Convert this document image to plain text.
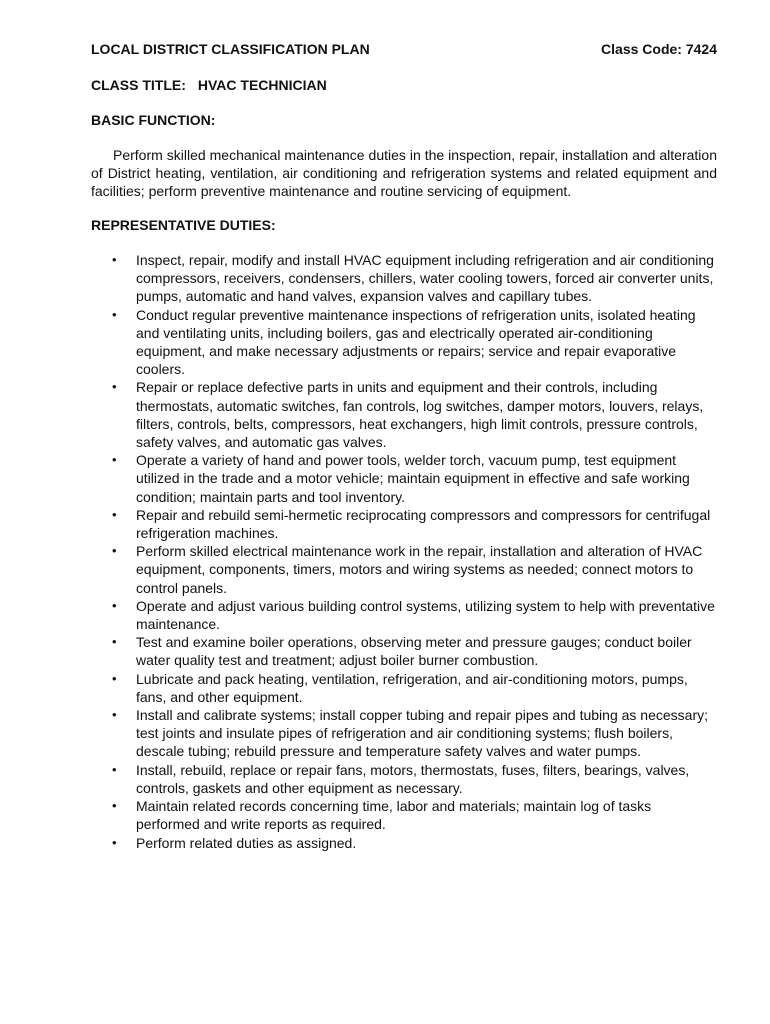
LOCAL DISTRICT CLASSIFICATION PLAN	Class Code: 7424
CLASS TITLE: HVAC TECHNICIAN
BASIC FUNCTION:
Perform skilled mechanical maintenance duties in the inspection, repair, installation and alteration of District heating, ventilation, air conditioning and refrigeration systems and related equipment and facilities; perform preventive maintenance and routine servicing of equipment.
REPRESENTATIVE DUTIES:
• Inspect, repair, modify and install HVAC equipment including refrigeration and air conditioning compressors, receivers, condensers, chillers, water cooling towers, forced air converter units, pumps, automatic and hand valves, expansion valves and capillary tubes.
• Conduct regular preventive maintenance inspections of refrigeration units, isolated heating and ventilating units, including boilers, gas and electrically operated air-conditioning equipment, and make necessary adjustments or repairs; service and repair evaporative coolers.
• Repair or replace defective parts in units and equipment and their controls, including thermostats, automatic switches, fan controls, log switches, damper motors, louvers, relays, filters, controls, belts, compressors, heat exchangers, high limit controls, pressure controls, safety valves, and automatic gas valves.
• Operate a variety of hand and power tools, welder torch, vacuum pump, test equipment utilized in the trade and a motor vehicle; maintain equipment in effective and safe working condition; maintain parts and tool inventory.
• Repair and rebuild semi-hermetic reciprocating compressors and compressors for centrifugal refrigeration machines.
• Perform skilled electrical maintenance work in the repair, installation and alteration of HVAC equipment, components, timers, motors and wiring systems as needed; connect motors to control panels.
• Operate and adjust various building control systems, utilizing system to help with preventative maintenance.
• Test and examine boiler operations, observing meter and pressure gauges; conduct boiler water quality test and treatment; adjust boiler burner combustion.
• Lubricate and pack heating, ventilation, refrigeration, and air-conditioning motors, pumps, fans, and other equipment.
• Install and calibrate systems; install copper tubing and repair pipes and tubing as necessary; test joints and insulate pipes of refrigeration and air conditioning systems; flush boilers, descale tubing; rebuild pressure and temperature safety valves and water pumps.
• Install, rebuild, replace or repair fans, motors, thermostats, fuses, filters, bearings, valves, controls, gaskets and other equipment as necessary.
• Maintain related records concerning time, labor and materials; maintain log of tasks performed and write reports as required.
• Perform related duties as assigned.
